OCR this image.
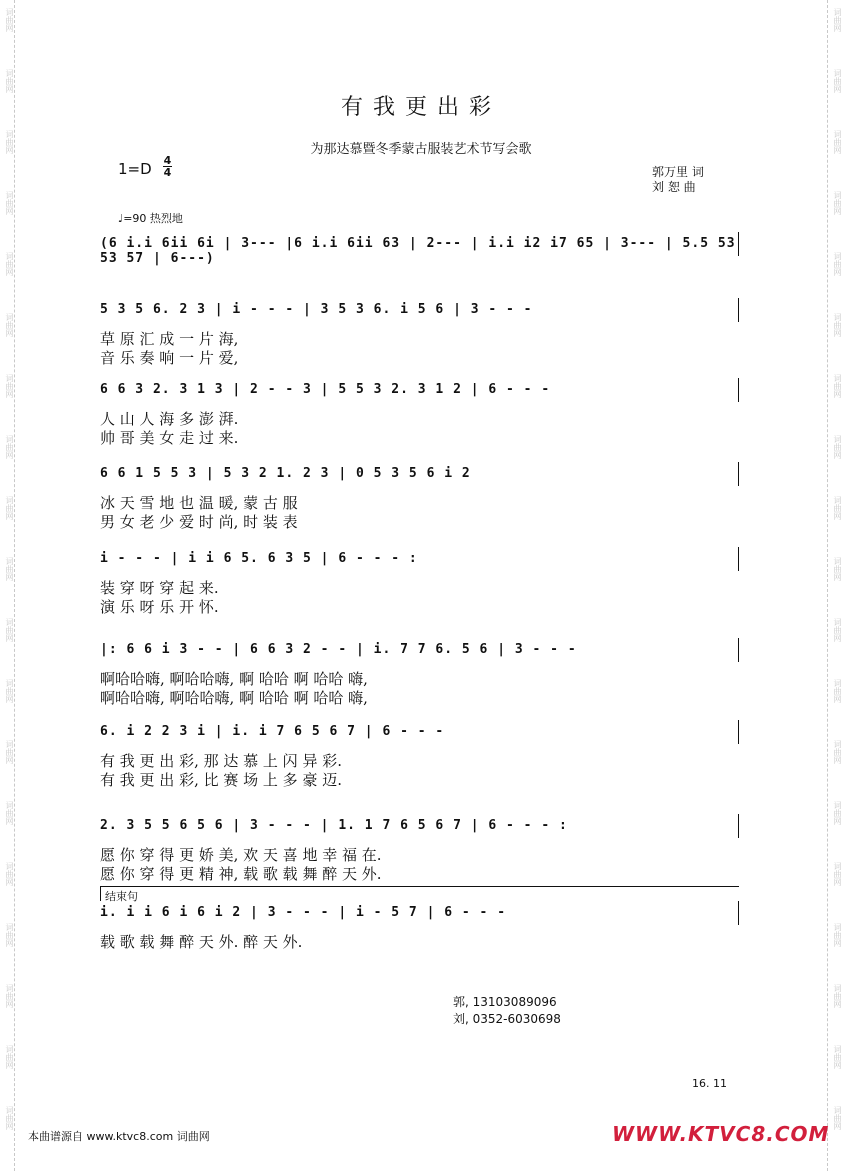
词曲网
词曲网
词曲网
词曲网
词曲网
词曲网
词曲网
词曲网
词曲网
词曲网
词曲网
词曲网
词曲网
词曲网
词曲网
词曲网
词曲网
词曲网
词曲网
词曲网
词曲网
词曲网
词曲网
词曲网
词曲网
词曲网
词曲网
词曲网
词曲网
词曲网
词曲网
词曲网
词曲网
词曲网
词曲网
词曲网
词曲网
词曲网
有我更出彩
为那达慕暨冬季蒙古服装艺术节写会歌
1=D 4
4	郭万里 词
刘 恕 曲
♩=90 热烈地
(6 i.i 6ii 6i | 3--- |6 i.i 6ii 63 | 2--- | i.i i2 i7 65 | 3--- | 5.5 53 53 57 | 6---)
5 3 5 6. 2 3 | i - - - | 3 5 3 6. i 5 6 | 3 - - -
草 原 汇 成 一 片 海,
音 乐 奏 响 一 片 爱,
6 6 3 2. 3 1 3 | 2 - - 3 | 5 5 3 2. 3 1 2 | 6 - - -
人 山 人 海 多 澎 湃.
帅 哥 美 女 走 过 来.
6 6 1 5 5 3 | 5 3 2 1. 2 3 | 0 5 3 5 6 i 2
冰 天 雪 地 也 温 暖, 蒙 古 服
男 女 老 少 爱 时 尚, 时 装 表
i - - - | i i 6 5. 6 3 5 | 6 - - - :
装 穿 呀 穿 起 来.
演 乐 呀 乐 开 怀.
|: 6 6 i 3 - - | 6 6 3 2 - - | i. 7 7 6. 5 6 | 3 - - -
啊哈哈嗨, 啊哈哈嗨, 啊 哈哈 啊 哈哈 嗨,
啊哈哈嗨, 啊哈哈嗨, 啊 哈哈 啊 哈哈 嗨,
6. i 2 2 3 i | i. i 7 6 5 6 7 | 6 - - -
有 我 更 出 彩, 那 达 慕 上 闪 异 彩.
有 我 更 出 彩, 比 赛 场 上 多 豪 迈.
2. 3 5 5 6 5 6 | 3 - - - | 1. 1 7 6 5 6 7 | 6 - - - :
愿 你 穿 得 更 娇 美, 欢 天 喜 地 幸 福 在.
愿 你 穿 得 更 精 神, 载 歌 载 舞 醉 天 外.
i. i i 6 i 6 i 2 | 3 - - - | i - 5 7 | 6 - - -
载 歌 载 舞 醉 天 外. 醉 天 外.
结束句
郭, 13103089096
刘, 0352-6030698
16. 11
本曲谱源自 www.ktvc8.com 词曲网	WWW.KTVC8.COM
